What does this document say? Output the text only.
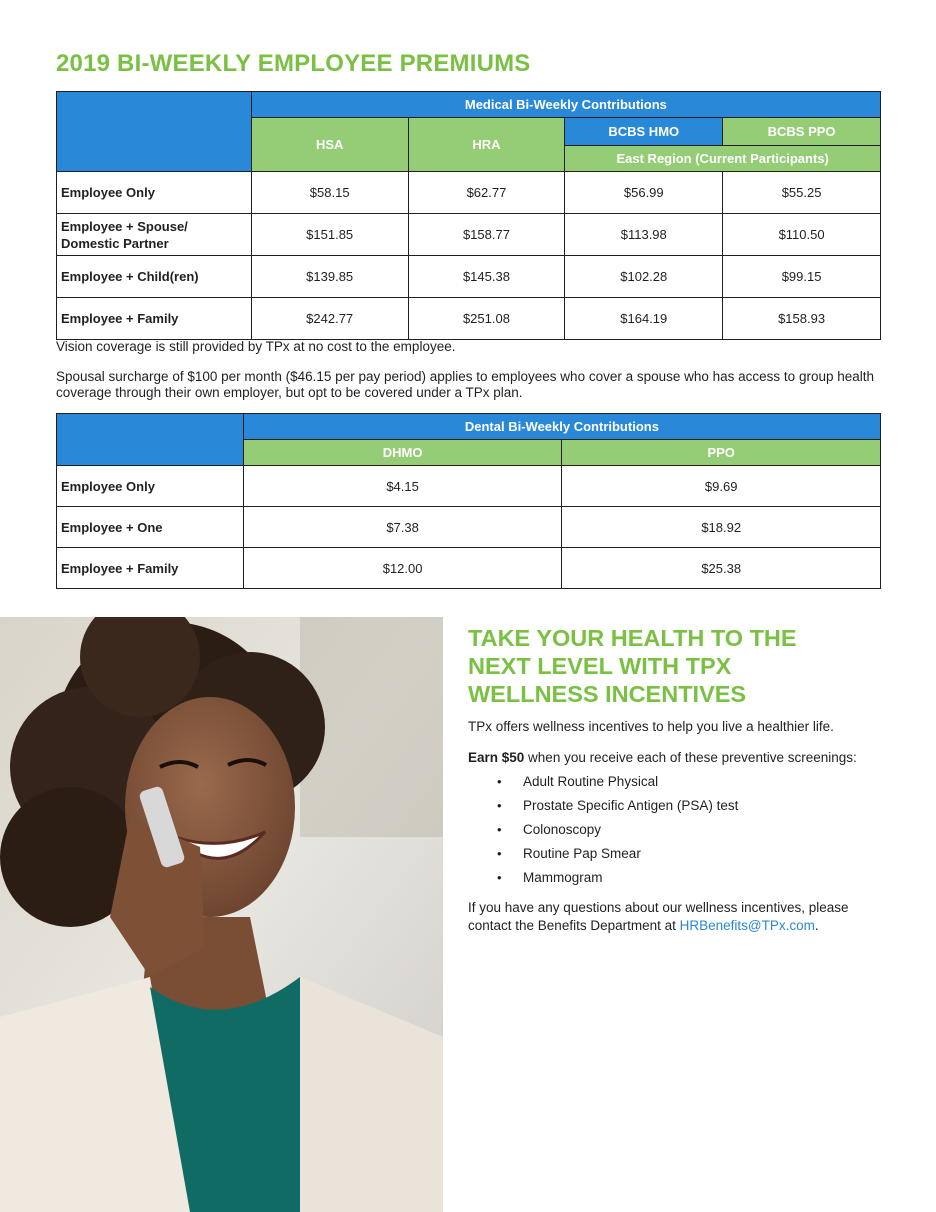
2019 BI-WEEKLY EMPLOYEE PREMIUMS
	Medical Bi-Weekly Contributions			
	HSA	HRA	BCBS HMO	BCBS PPO
			East Region (Current Participants)	
Employee Only	$58.15	$62.77	$56.99	$55.25
Employee + Spouse/
Domestic Partner	$151.85	$158.77	$113.98	$110.50
Employee + Child(ren)	$139.85	$145.38	$102.28	$99.15
Employee + Family	$242.77	$251.08	$164.19	$158.93

Vision coverage is still provided by TPx at no cost to the employee.

Spousal surcharge of $100 per month ($46.15 per pay period) applies to employees who cover a spouse who has access to group health coverage through their own employer, but opt to be covered under a TPx plan.

	Dental Bi-Weekly Contributions	
	DHMO	PPO
Employee Only	$4.15	$9.69
Employee + One	$7.38	$18.92
Employee + Family	$12.00	$25.38
TAKE YOUR HEALTH TO THE
NEXT LEVEL WITH TPX
WELLNESS INCENTIVES

TPx offers wellness incentives to help you live a healthier life.

Earn $50 when you receive each of these preventive screenings:

• Adult Routine Physical
• Prostate Specific Antigen (PSA) test
• Colonoscopy
• Routine Pap Smear
• Mammogram

If you have any questions about our wellness incentives, please contact the Benefits Department at HRBenefits@TPx.com.
